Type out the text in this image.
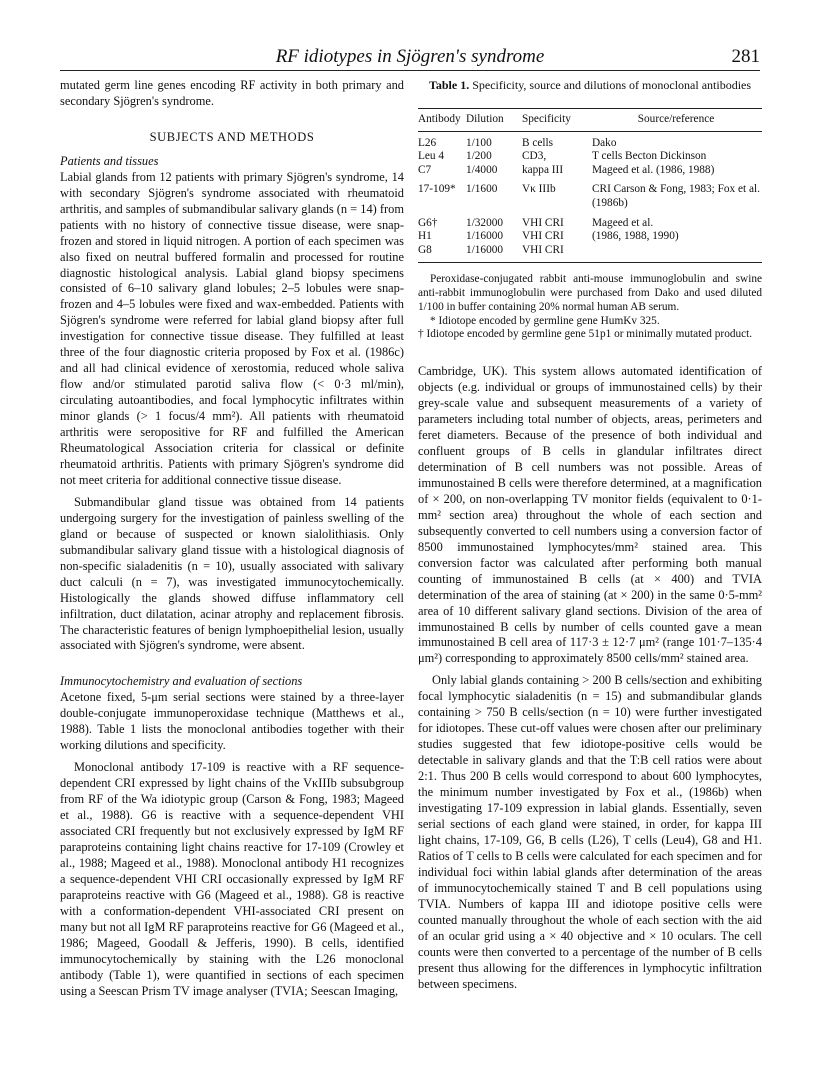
RF idiotypes in Sjögren's syndrome	281

mutated germ line genes encoding RF activity in both primary and secondary Sjögren's syndrome.

SUBJECTS AND METHODS
Patients and tissues

Labial glands from 12 patients with primary Sjögren's syndrome, 14 with secondary Sjögren's syndrome associated with rheumatoid arthritis, and samples of submandibular salivary glands (n = 14) from patients with no history of connective tissue disease, were snap-frozen and stored in liquid nitrogen. A portion of each specimen was also fixed on neutral buffered formalin and processed for routine diagnostic histological analysis. Labial gland biopsy specimens consisted of 6–10 salivary gland lobules; 2–5 lobules were snap-frozen and 4–5 lobules were fixed and wax-embedded. Patients with Sjögren's syndrome were referred for labial gland biopsy after full investigation for connective tissue disease. They fulfilled at least three of the four diagnostic criteria proposed by Fox et al. (1986c) and all had clinical evidence of xerostomia, reduced whole saliva flow and/or stimulated parotid saliva flow (< 0·3 ml/min), circulating autoantibodies, and focal lymphocytic infiltrates within minor glands (> 1 focus/4 mm²). All patients with rheumatoid arthritis were seropositive for RF and fulfilled the American Rheumatological Association criteria for classical or definite rheumatoid arthritis. Patients with primary Sjögren's syndrome did not meet criteria for additional connective tissue disease.

Submandibular gland tissue was obtained from 14 patients undergoing surgery for the investigation of painless swelling of the gland or because of suspected or known sialolithiasis. Only submandibular salivary gland tissue with a histological diagnosis of non-specific sialadenitis (n = 10), usually associated with salivary duct calculi (n = 7), was investigated immunocytochemically. Histologically the glands showed diffuse inflammatory cell infiltration, duct dilatation, acinar atrophy and replacement fibrosis. The characteristic features of benign lymphoepithelial lesion, usually associated with Sjögren's syndrome, were absent.

Immunocytochemistry and evaluation of sections

Acetone fixed, 5-μm serial sections were stained by a three-layer double-conjugate immunoperoxidase technique (Matthews et al., 1988). Table 1 lists the monoclonal antibodies together with their working dilutions and specificity.

Monoclonal antibody 17-109 is reactive with a RF sequence-dependent CRI expressed by light chains of the VκIIIb subsubgroup from RF of the Wa idiotypic group (Carson & Fong, 1983; Mageed et al., 1988). G6 is reactive with a sequence-dependent VHI associated CRI frequently but not exclusively expressed by IgM RF paraproteins containing light chains reactive for 17-109 (Crowley et al., 1988; Mageed et al., 1988). Monoclonal antibody H1 recognizes a sequence-dependent VHI CRI occasionally expressed by IgM RF paraproteins reactive with G6 (Mageed et al., 1988). G8 is reactive with a conformation-dependent VHI-associated CRI present on many but not all IgM RF paraproteins reactive for G6 (Mageed et al., 1986; Mageed, Goodall & Jefferis, 1990). B cells, identified immunocytochemically by staining with the L26 monoclonal antibody (Table 1), were quantified in sections of each specimen using a Seescan Prism TV image analyser (TVIA; Seescan Imaging,

Table 1. Specificity, source and dilutions of monoclonal antibodies
Antibody	Dilution	Specificity	Source/reference
L26	1/100	B cells	Dako
Leu 4	1/200	CD3,	T cells Becton Dickinson
C7	1/4000	kappa III	Mageed et al. (1986, 1988)
17-109*	1/1600	Vκ IIIb	CRI Carson & Fong, 1983; Fox et al. (1986b)
G6†	1/32000	VHI CRI	Mageed et al.
H1	1/16000	VHI CRI	(1986, 1988, 1990)
G8	1/16000	VHI CRI	

Peroxidase-conjugated rabbit anti-mouse immunoglobulin and swine anti-rabbit immunoglobulin were purchased from Dako and used diluted 1/100 in buffer containing 20% normal human AB serum.

* Idiotope encoded by germline gene HumKv 325.

† Idiotope encoded by germline gene 51p1 or minimally mutated product.

Cambridge, UK). This system allows automated identification of objects (e.g. individual or groups of immunostained cells) by their grey-scale value and subsequent measurements of a variety of parameters including total number of objects, areas, perimeters and feret diameters. Because of the presence of both individual and confluent groups of B cells in glandular infiltrates direct determination of B cell numbers was not possible. Areas of immunostained B cells were therefore determined, at a magnification of × 200, on non-overlapping TV monitor fields (equivalent to 0·1-mm² section area) throughout the whole of each section and subsequently converted to cell numbers using a conversion factor of 8500 immunostained lymphocytes/mm² stained area. This conversion factor was calculated after performing both manual counting of immunostained B cells (at × 400) and TVIA determination of the area of staining (at × 200) in the same 0·5-mm² area of 10 different salivary gland sections. Division of the area of immunostained B cells by number of cells counted gave a mean immunostained B cell area of 117·3 ± 12·7 μm² (range 101·7–135·4 μm²) corresponding to approximately 8500 cells/mm² stained area.

Only labial glands containing > 200 B cells/section and exhibiting focal lymphocytic sialadenitis (n = 15) and submandibular glands containing > 750 B cells/section (n = 10) were further investigated for idiotopes. These cut-off values were chosen after our preliminary studies suggested that few idiotope-positive cells would be detectable in salivary glands and that the T:B cell ratios were about 2:1. Thus 200 B cells would correspond to about 600 lymphocytes, the minimum number investigated by Fox et al., (1986b) when investigating 17-109 expression in labial glands. Essentially, seven serial sections of each gland were stained, in order, for kappa III light chains, 17-109, G6, B cells (L26), T cells (Leu4), G8 and H1. Ratios of T cells to B cells were calculated for each specimen and for individual foci within labial glands after determination of the areas of immunocytochemically stained T and B cell populations using TVIA. Numbers of kappa III and idiotope positive cells were counted manually throughout the whole of each section with the aid of an ocular grid using a × 40 objective and × 10 oculars. The cell counts were then converted to a percentage of the number of B cells present thus allowing for the differences in lymphocytic infiltration between specimens.
